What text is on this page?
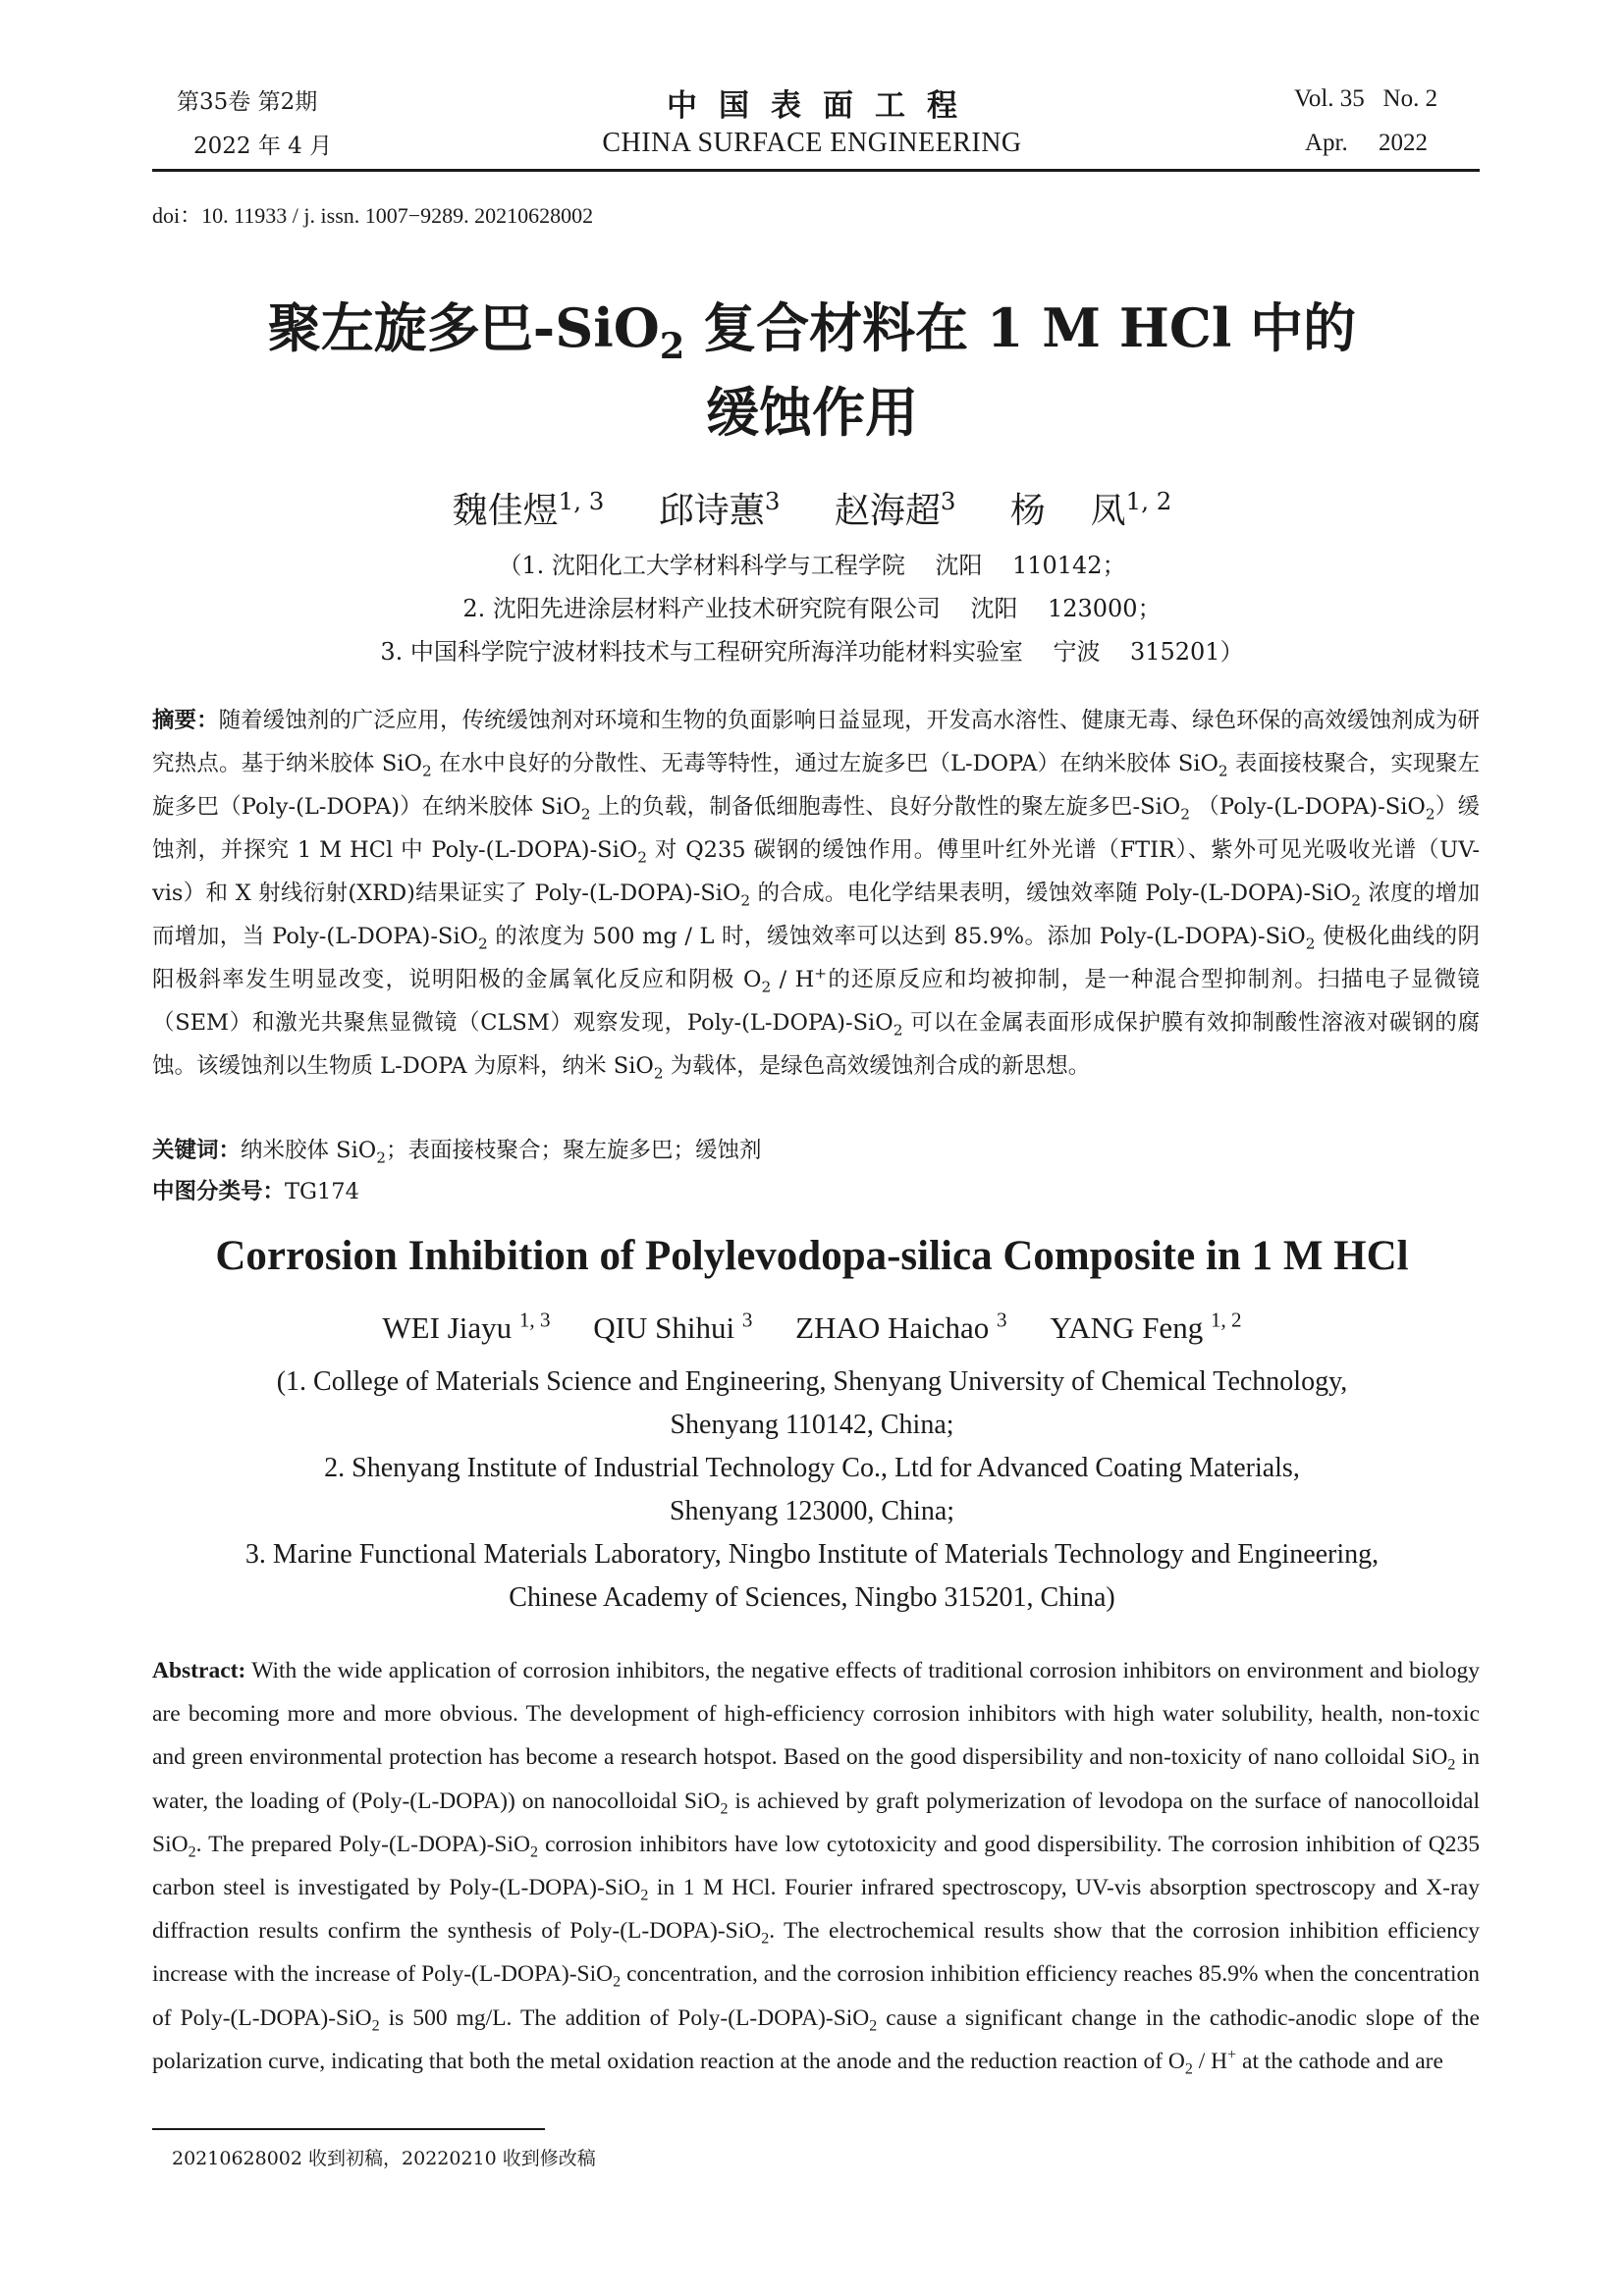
第35卷 第2期
2022 年 4 月
中国表面工程
CHINA SURFACE ENGINEERING
Vol. 35   No. 2
Apr.     2022
doi：10. 11933 / j. issn. 1007−9289. 20210628002
聚左旋多巴-SiO$_2$ 复合材料在 1 M HCl 中的
缓蚀作用
魏佳煜$^{1, 3}$ 邱诗蕙$^3$ 赵海超$^3$ 杨    凤$^{1, 2}$
（1. 沈阳化工大学材料科学与工程学院    沈阳    110142；
2. 沈阳先进涂层材料产业技术研究院有限公司    沈阳    123000；
3. 中国科学院宁波材料技术与工程研究所海洋功能材料实验室    宁波    315201）
摘要：随着缓蚀剂的广泛应用，传统缓蚀剂对环境和生物的负面影响日益显现，开发高水溶性、健康无毒、绿色环保的高效缓蚀剂成为研究热点。基于纳米胶体 SiO$_2$ 在水中良好的分散性、无毒等特性，通过左旋多巴（L-DOPA）在纳米胶体 SiO$_2$ 表面接枝聚合，实现聚左旋多巴（Poly-(L-DOPA)）在纳米胶体 SiO$_2$ 上的负载，制备低细胞毒性、良好分散性的聚左旋多巴-SiO$_2$ （Poly-(L-DOPA)-SiO$_2$）缓蚀剂，并探究 1 M HCl 中 Poly-(L-DOPA)-SiO$_2$ 对 Q235 碳钢的缓蚀作用。傅里叶红外光谱（FTIR）、紫外可见光吸收光谱（UV-vis）和 X 射线衍射(XRD)结果证实了 Poly-(L-DOPA)-SiO$_2$ 的合成。电化学结果表明，缓蚀效率随 Poly-(L-DOPA)-SiO$_2$ 浓度的增加而增加，当 Poly-(L-DOPA)-SiO$_2$ 的浓度为 500 mg / L 时，缓蚀效率可以达到 85.9%。添加 Poly-(L-DOPA)-SiO$_2$ 使极化曲线的阴阳极斜率发生明显改变，说明阳极的金属氧化反应和阴极 $O_2 / H^+$的还原反应和均被抑制，是一种混合型抑制剂。扫描电子显微镜（SEM）和激光共聚焦显微镜（CLSM）观察发现，Poly-(L-DOPA)-SiO$_2$ 可以在金属表面形成保护膜有效抑制酸性溶液对碳钢的腐蚀。该缓蚀剂以生物质 L-DOPA 为原料，纳米 SiO$_2$ 为载体，是绿色高效缓蚀剂合成的新思想。
关键词：纳米胶体 SiO$_2$；表面接枝聚合；聚左旋多巴；缓蚀剂
中图分类号：TG174
Corrosion Inhibition of Polylevodopa-silica Composite in 1 M HCl
WEI Jiayu $^{1, 3}$ QIU Shihui $^3$ ZHAO Haichao $^3$ YANG Feng $^{1, 2}$
(1. College of Materials Science and Engineering, Shenyang University of Chemical Technology,
Shenyang 110142, China;
2. Shenyang Institute of Industrial Technology Co., Ltd for Advanced Coating Materials,
Shenyang 123000, China;
3. Marine Functional Materials Laboratory, Ningbo Institute of Materials Technology and Engineering,
Chinese Academy of Sciences, Ningbo 315201, China)
Abstract: With the wide application of corrosion inhibitors, the negative effects of traditional corrosion inhibitors on environment and biology are becoming more and more obvious. The development of high-efficiency corrosion inhibitors with high water solubility, health, non-toxic and green environmental protection has become a research hotspot. Based on the good dispersibility and non-toxicity of nano colloidal SiO$_2$ in water, the loading of (Poly-(L-DOPA)) on nanocolloidal SiO$_2$ is achieved by graft polymerization of levodopa on the surface of nanocolloidal SiO$_2$. The prepared Poly-(L-DOPA)-SiO$_2$ corrosion inhibitors have low cytotoxicity and good dispersibility. The corrosion inhibition of Q235 carbon steel is investigated by Poly-(L-DOPA)-SiO$_2$ in 1 M HCl. Fourier infrared spectroscopy, UV-vis absorption spectroscopy and X-ray diffraction results confirm the synthesis of Poly-(L-DOPA)-SiO$_2$. The electrochemical results show that the corrosion inhibition efficiency increase with the increase of Poly-(L-DOPA)-SiO$_2$ concentration, and the corrosion inhibition efficiency reaches 85.9% when the concentration of Poly-(L-DOPA)-SiO$_2$ is 500 mg/L. The addition of Poly-(L-DOPA)-SiO$_2$ cause a significant change in the cathodic-anodic slope of the polarization curve, indicating that both the metal oxidation reaction at the anode and the reduction reaction of $O_2 / H^+$ at the cathode and are
20210628002 收到初稿，20220210 收到修改稿
